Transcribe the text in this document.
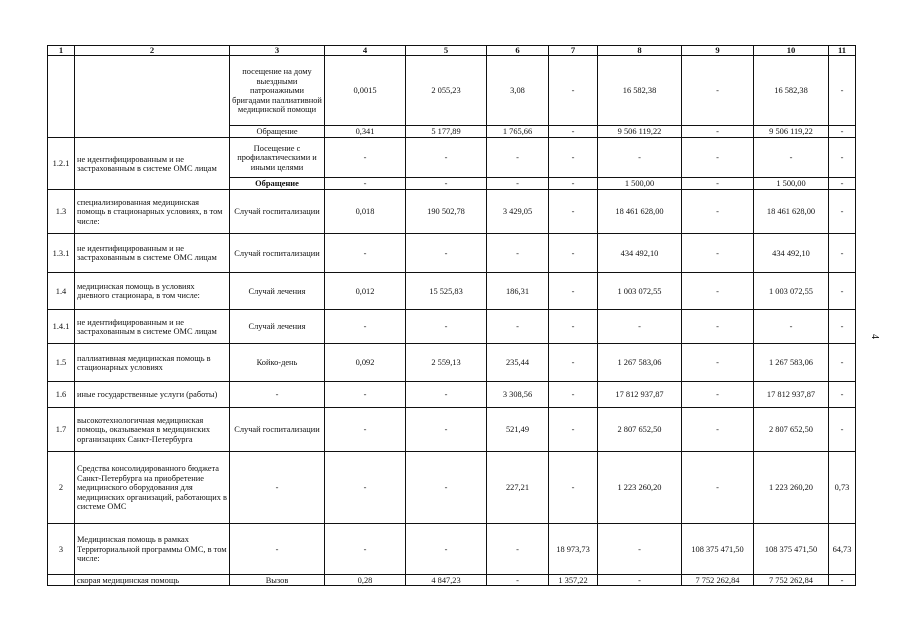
1	2	3	4	5	6	7	8	9	10	11
		посещение на дому выездными патронажными бригадами паллиативной медицинской помощи	0,0015	2 055,23	3,08	-	16 582,38	-	16 582,38	-
		Обращение	0,341	5 177,89	1 765,66	-	9 506 119,22	-	9 506 119,22	-
1.2.1	не идентифицированным и не застрахованным в системе ОМС лицам	Посещение с профилактическими и иными целями	-	-	-	-	-	-	-	-
		Обращение	-	-	-	-	1 500,00	-	1 500,00	-
1.3	специализированная медицинская помощь в стационарных условиях, в том числе:	Случай госпитализации	0,018	190 502,78	3 429,05	-	18 461 628,00	-	18 461 628,00	-
1.3.1	не идентифицированным и не застрахованным в системе ОМС лицам	Случай госпитализации	-	-	-	-	434 492,10	-	434 492,10	-
1.4	медицинская помощь в условиях дневного стационара, в том числе:	Случай лечения	0,012	15 525,83	186,31	-	1 003 072,55	-	1 003 072,55	-
1.4.1	не идентифицированным и не застрахованным в системе ОМС лицам	Случай лечения	-	-	-	-	-	-	-	-
1.5	паллиативная медицинская помощь в стационарных условиях	Койко-день	0,092	2 559,13	235,44	-	1 267 583,06	-	1 267 583,06	-
1.6	иные государственные услуги (работы)	-	-	-	3 308,56	-	17 812 937,87	-	17 812 937,87	-
1.7	высокотехнологичная медицинская помощь, оказываемая в медицинских организациях Санкт-Петербурга	Случай госпитализации	-	-	521,49	-	2 807 652,50	-	2 807 652,50	-
2	Средства консолидированного бюджета Санкт-Петербурга на приобретение медицинского оборудования для медицинских организаций, работающих в системе ОМС	-	-	-	227,21	-	1 223 260,20	-	1 223 260,20	0,73
3	Медицинская помощь в рамках Территориальной программы ОМС, в том числе:	-	-	-	-	18 973,73	-	108 375 471,50	108 375 471,50	64,73
	скорая медицинская помощь	Вызов	0,28	4 847,23	-	1 357,22	-	7 752 262,84	7 752 262,84	-
4
